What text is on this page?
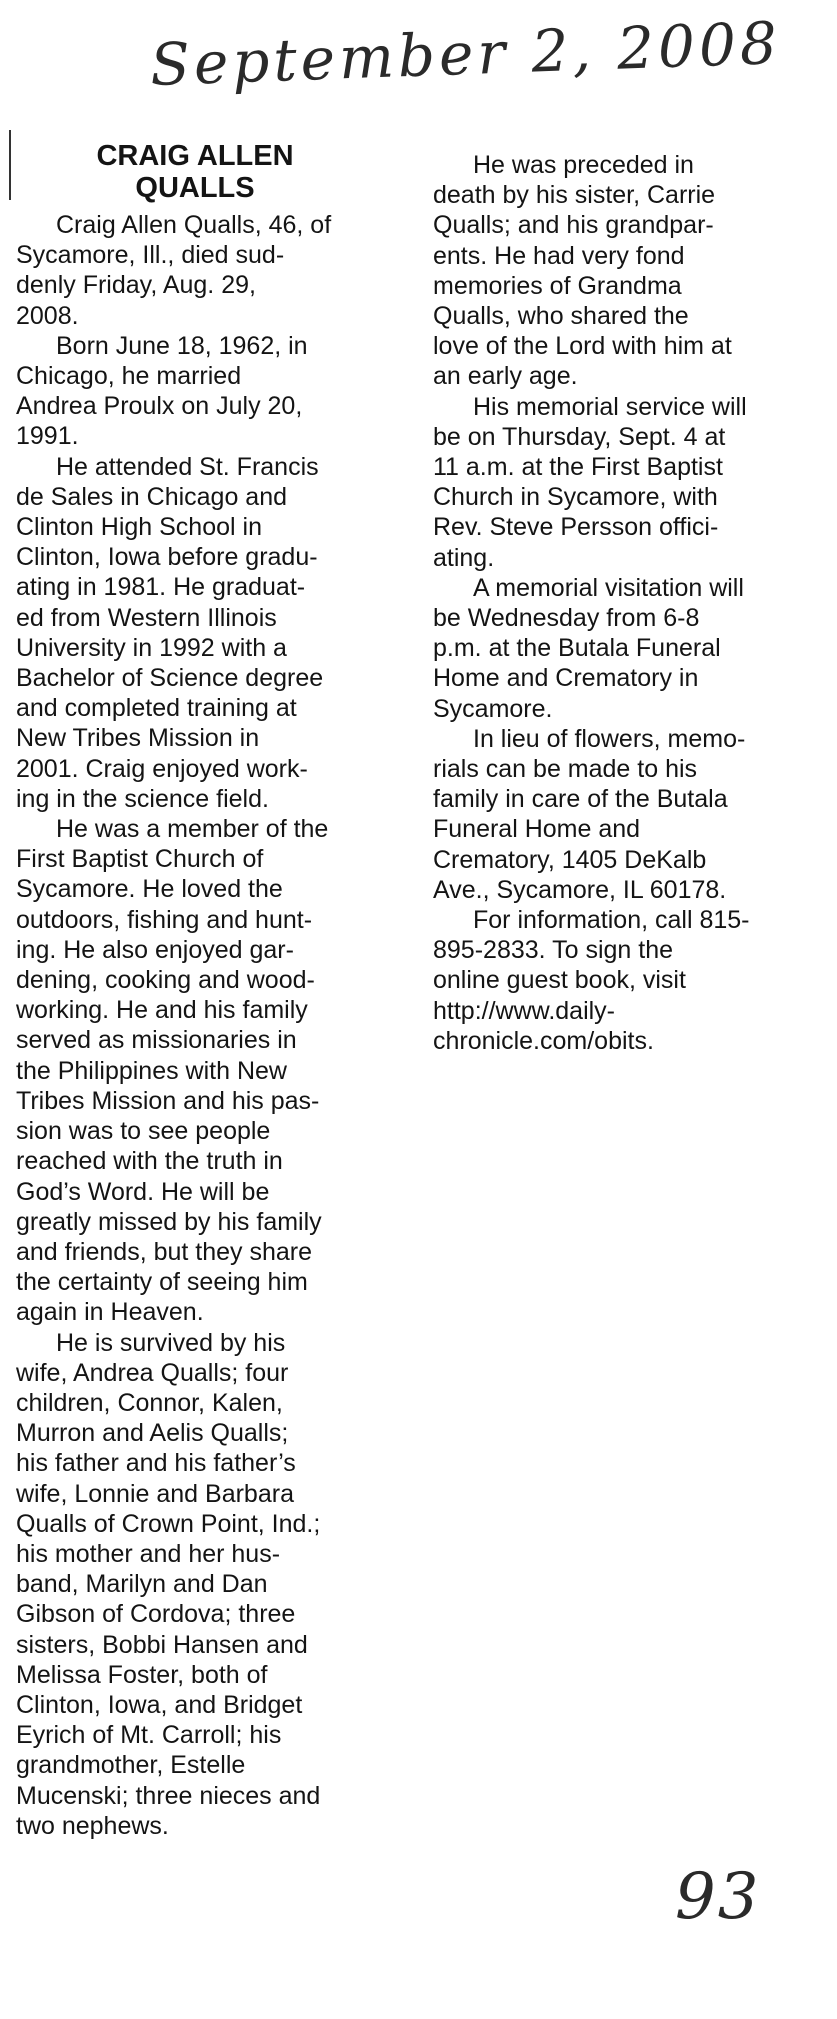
September 2, 2008
CRAIG ALLEN
QUALLS
Craig Allen Qualls, 46, of
Sycamore, Ill., died sud-
denly Friday, Aug. 29,
2008.
Born June 18, 1962, in
Chicago, he married
Andrea Proulx on July 20,
1991.
He attended St. Francis
de Sales in Chicago and
Clinton High School in
Clinton, Iowa before gradu-
ating in 1981. He graduat-
ed from Western Illinois
University in 1992 with a
Bachelor of Science degree
and completed training at
New Tribes Mission in
2001. Craig enjoyed work-
ing in the science field.
He was a member of the
First Baptist Church of
Sycamore. He loved the
outdoors, fishing and hunt-
ing. He also enjoyed gar-
dening, cooking and wood-
working. He and his family
served as missionaries in
the Philippines with New
Tribes Mission and his pas-
sion was to see people
reached with the truth in
God’s Word. He will be
greatly missed by his family
and friends, but they share
the certainty of seeing him
again in Heaven.
He is survived by his
wife, Andrea Qualls; four
children, Connor, Kalen,
Murron and Aelis Qualls;
his father and his father’s
wife, Lonnie and Barbara
Qualls of Crown Point, Ind.;
his mother and her hus-
band, Marilyn and Dan
Gibson of Cordova; three
sisters, Bobbi Hansen and
Melissa Foster, both of
Clinton, Iowa, and Bridget
Eyrich of Mt. Carroll; his
grandmother, Estelle
Mucenski; three nieces and
two nephews.
He was preceded in
death by his sister, Carrie
Qualls; and his grandpar-
ents. He had very fond
memories of Grandma
Qualls, who shared the
love of the Lord with him at
an early age.
His memorial service will
be on Thursday, Sept. 4 at
11 a.m. at the First Baptist
Church in Sycamore, with
Rev. Steve Persson offici-
ating.
A memorial visitation will
be Wednesday from 6-8
p.m. at the Butala Funeral
Home and Crematory in
Sycamore.
In lieu of flowers, memo-
rials can be made to his
family in care of the Butala
Funeral Home and
Crematory, 1405 DeKalb
Ave., Sycamore, IL 60178.
For information, call 815-
895-2833. To sign the
online guest book, visit
http://www.daily-
chronicle.com/obits.
93
